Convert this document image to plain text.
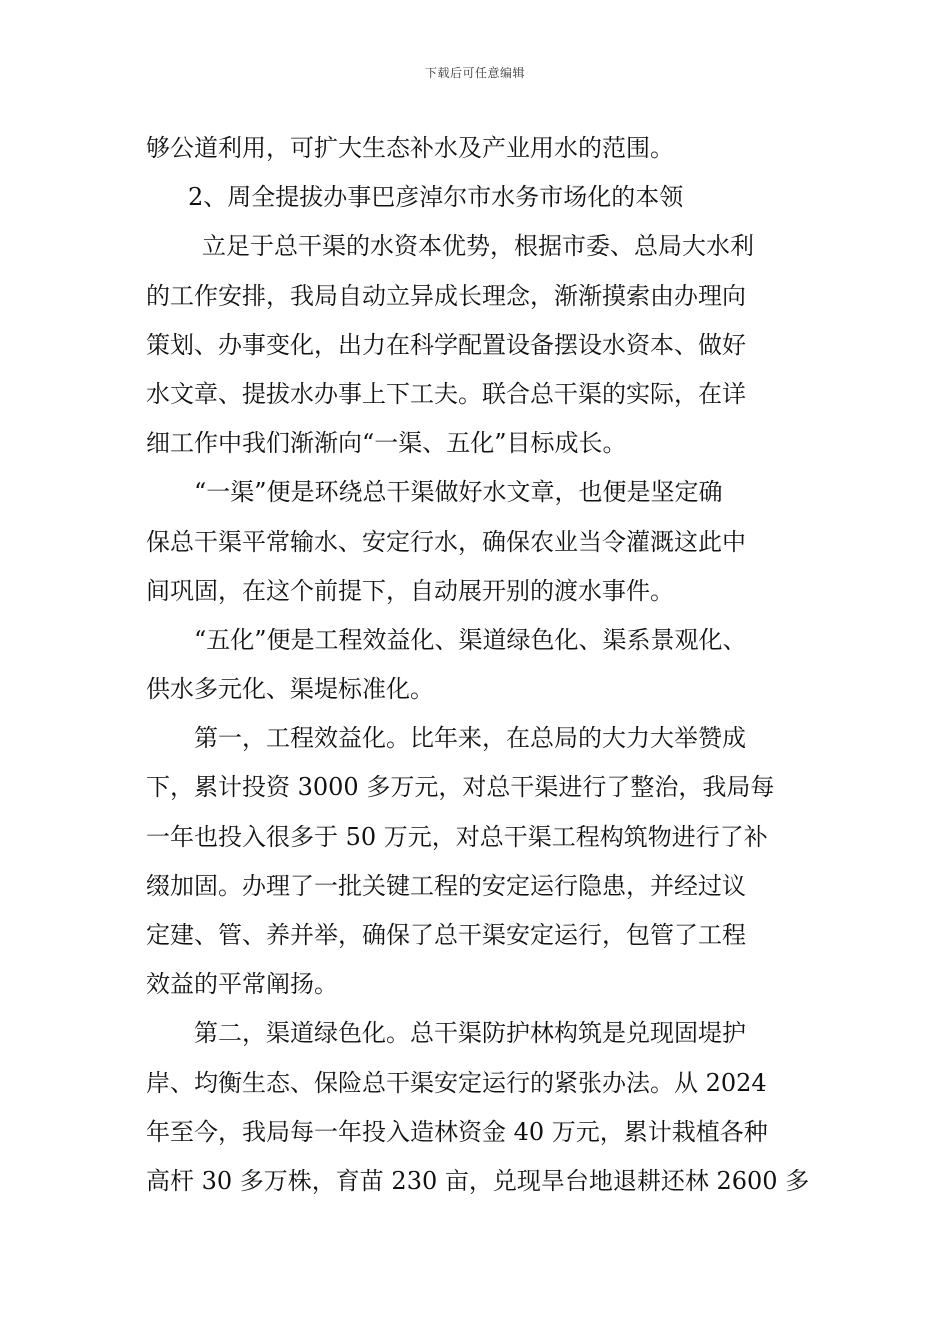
下载后可任意编辑
够公道利用，可扩大生态补水及产业用水的范围。
2、周全提拔办事巴彦淖尔市水务市场化的本领
立足于总干渠的水资本优势，根据市委、总局大水利
的工作安排，我局自动立异成长理念，渐渐摸索由办理向
策划、办事变化，出力在科学配置设备摆设水资本、做好
水文章、提拔水办事上下工夫。联合总干渠的实际，在详
细工作中我们渐渐向“一渠、五化”目标成长。
“一渠”便是环绕总干渠做好水文章，也便是坚定确
保总干渠平常输水、安定行水，确保农业当令灌溉这此中
间巩固，在这个前提下，自动展开别的渡水事件。
“五化”便是工程效益化、渠道绿色化、渠系景观化、
供水多元化、渠堤标准化。
第一，工程效益化。比年来，在总局的大力大举赞成
下，累计投资 3000 多万元，对总干渠进行了整治，我局每
一年也投入很多于 50 万元，对总干渠工程构筑物进行了补
缀加固。办理了一批关键工程的安定运行隐患，并经过议
定建、管、养并举，确保了总干渠安定运行，包管了工程
效益的平常阐扬。
第二，渠道绿色化。总干渠防护林构筑是兑现固堤护
岸、均衡生态、保险总干渠安定运行的紧张办法。从 2024
年至今，我局每一年投入造林资金 40 万元，累计栽植各种
高杆 30 多万株，育苗 230 亩，兑现旱台地退耕还林 2600 多
